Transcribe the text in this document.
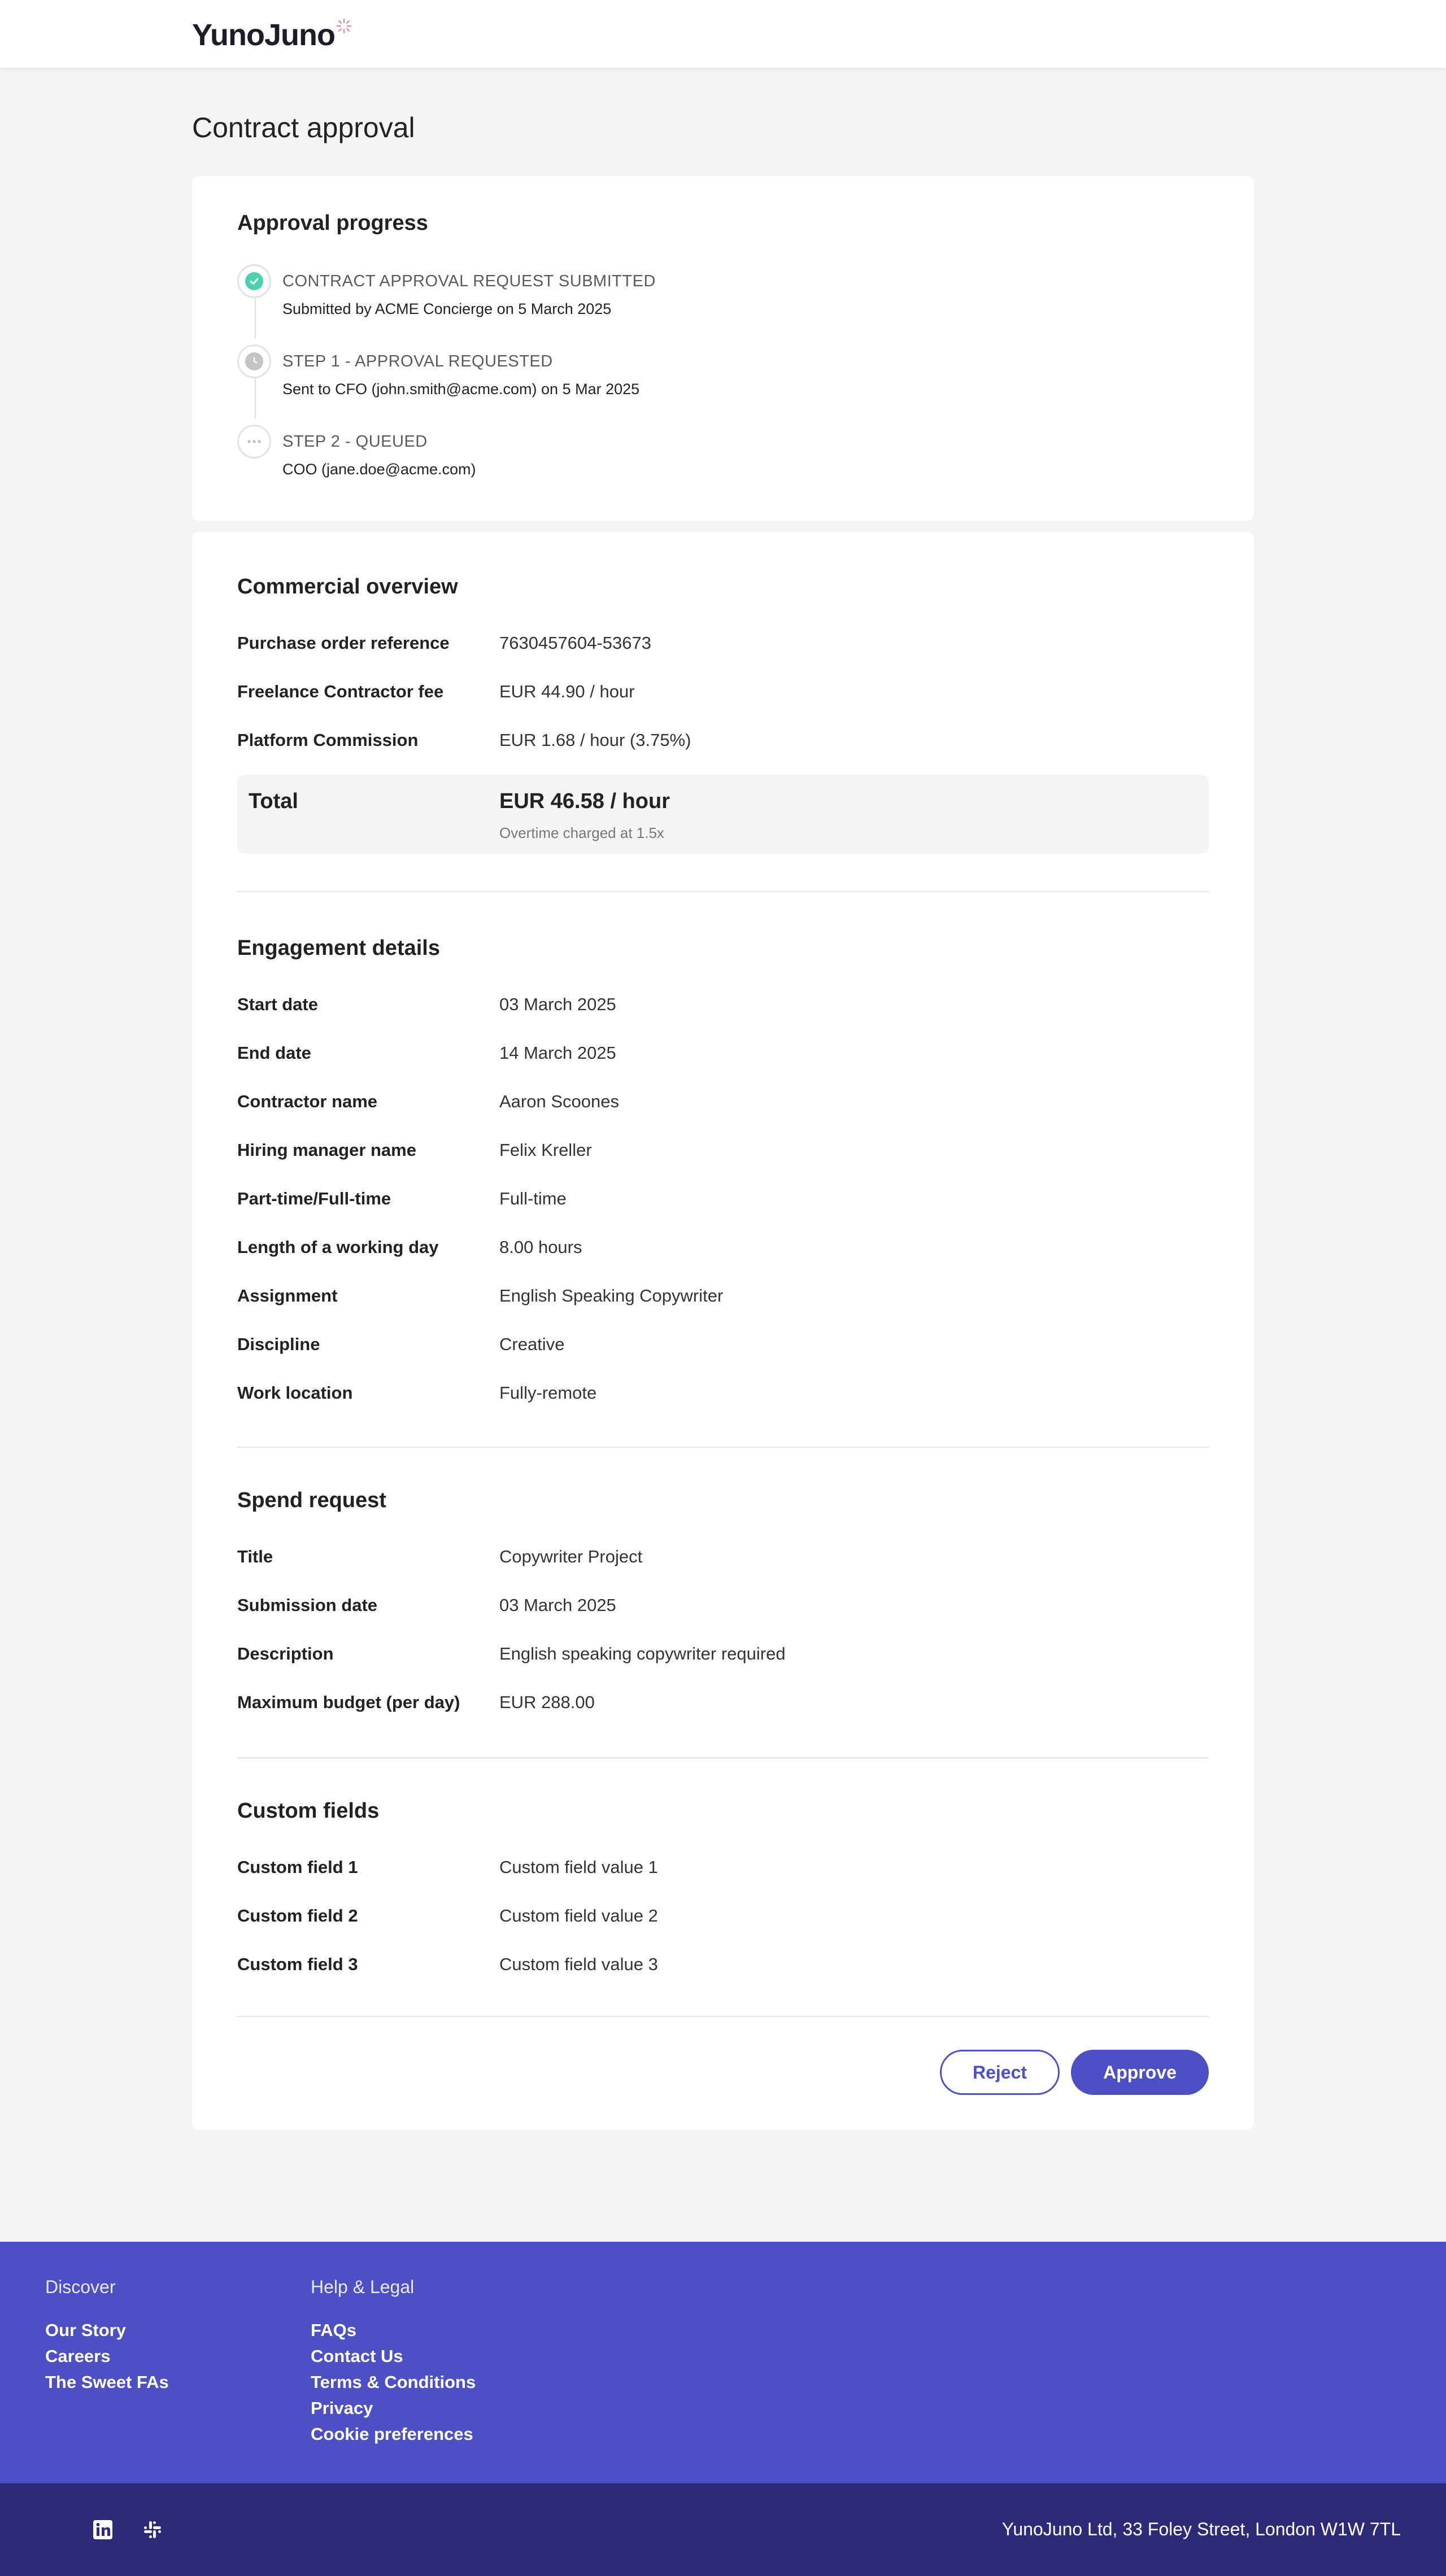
YunoJuno
Contract approval
Approval progress
CONTRACT APPROVAL REQUEST SUBMITTED
Submitted by ACME Concierge on 5 March 2025
STEP 1 - APPROVAL REQUESTED
Sent to CFO (john.smith@acme.com) on 5 Mar 2025
STEP 2 - QUEUED
COO (jane.doe@acme.com)
Commercial overview
Purchase order reference	7630457604-53673
Freelance Contractor fee	EUR 44.90 / hour
Platform Commission	EUR 1.68 / hour (3.75%)
Total	EUR 46.58 / hour
Overtime charged at 1.5x
Engagement details
Start date	03 March 2025
End date	14 March 2025
Contractor name	Aaron Scoones
Hiring manager name	Felix Kreller
Part-time/Full-time	Full-time
Length of a working day	8.00 hours
Assignment	English Speaking Copywriter
Discipline	Creative
Work location	Fully-remote
Spend request
Title	Copywriter Project
Submission date	03 March 2025
Description	English speaking copywriter required
Maximum budget (per day) EUR 288.00
Custom fields
Custom field 1	Custom field value 1
Custom field 2	Custom field value 2
Custom field 3	Custom field value 3
Reject	Approve
Discover
Our Story
Careers
The Sweet FAs
Help & Legal
FAQs
Contact Us
Terms & Conditions
Privacy
Cookie preferences
YunoJuno Ltd, 33 Foley Street, London W1W 7TL
